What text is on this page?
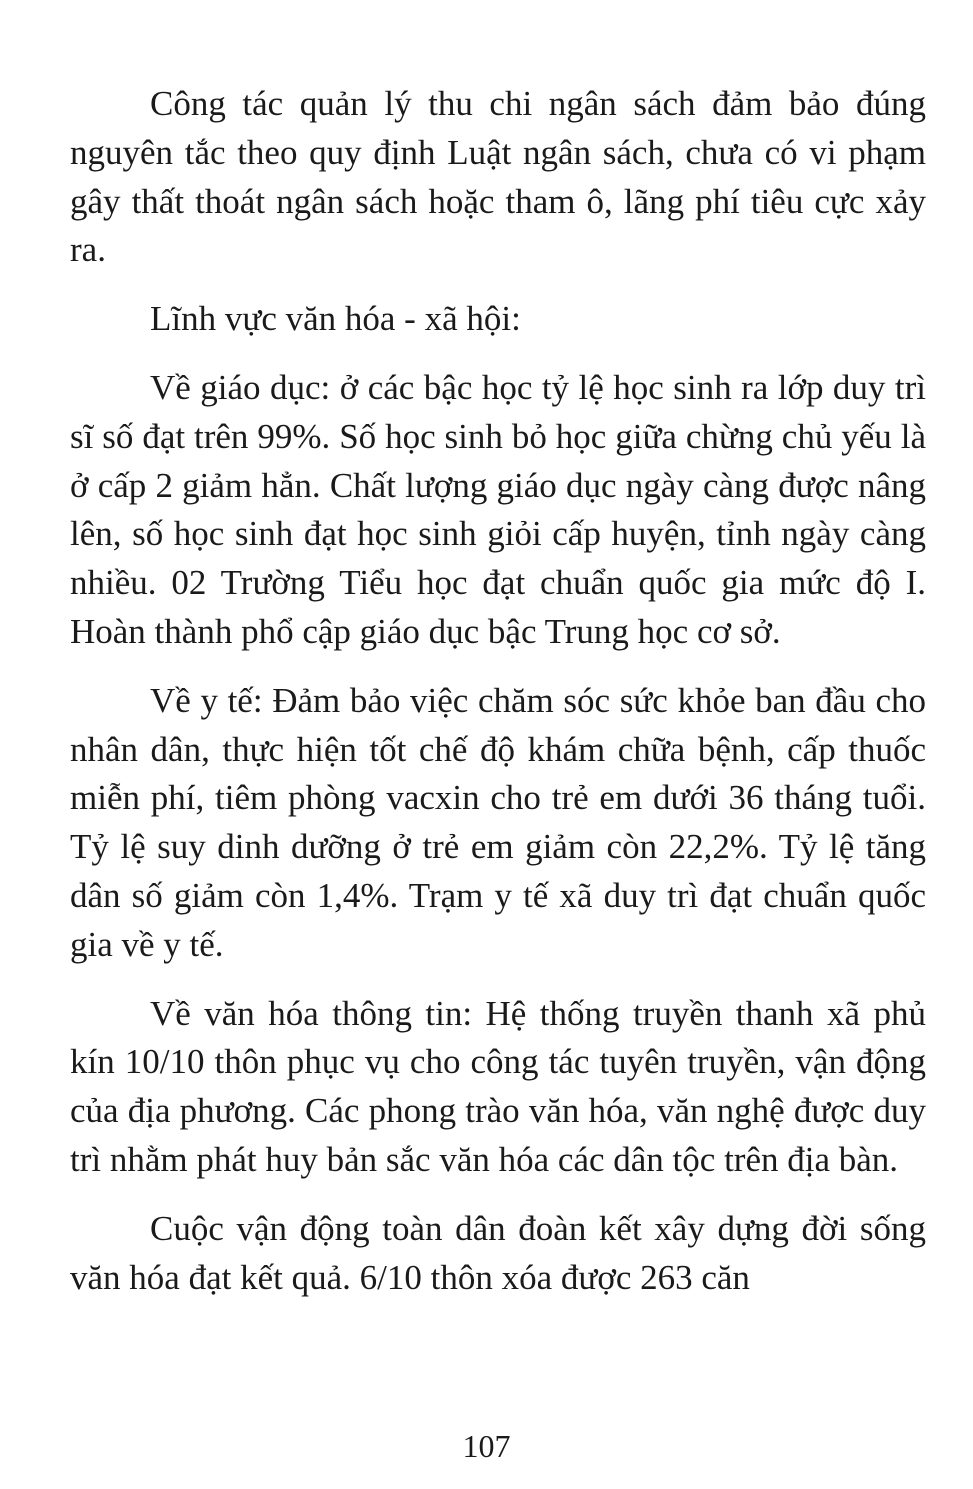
Công tác quản lý thu chi ngân sách đảm bảo đúng nguyên tắc theo quy định Luật ngân sách, chưa có vi phạm gây thất thoát ngân sách hoặc tham ô, lãng phí tiêu cực xảy ra.

Lĩnh vực văn hóa - xã hội:

Về giáo dục: ở các bậc học tỷ lệ học sinh ra lớp duy trì sĩ số đạt trên 99%. Số học sinh bỏ học giữa chừng chủ yếu là ở cấp 2 giảm hẳn. Chất lượng giáo dục ngày càng được nâng lên, số học sinh đạt học sinh giỏi cấp huyện, tỉnh ngày càng nhiều. 02 Trường Tiểu học đạt chuẩn quốc gia mức độ I. Hoàn thành phổ cập giáo dục bậc Trung học cơ sở.

Về y tế: Đảm bảo việc chăm sóc sức khỏe ban đầu cho nhân dân, thực hiện tốt chế độ khám chữa bệnh, cấp thuốc miễn phí, tiêm phòng vacxin cho trẻ em dưới 36 tháng tuổi. Tỷ lệ suy dinh dưỡng ở trẻ em giảm còn 22,2%. Tỷ lệ tăng dân số giảm còn 1,4%. Trạm y tế xã duy trì đạt chuẩn quốc gia về y tế.

Về văn hóa thông tin: Hệ thống truyền thanh xã phủ kín 10/10 thôn phục vụ cho công tác tuyên truyền, vận động của địa phương. Các phong trào văn hóa, văn nghệ được duy trì nhằm phát huy bản sắc văn hóa các dân tộc trên địa bàn.

Cuộc vận động toàn dân đoàn kết xây dựng đời sống văn hóa đạt kết quả. 6/10 thôn xóa được 263 căn

107
